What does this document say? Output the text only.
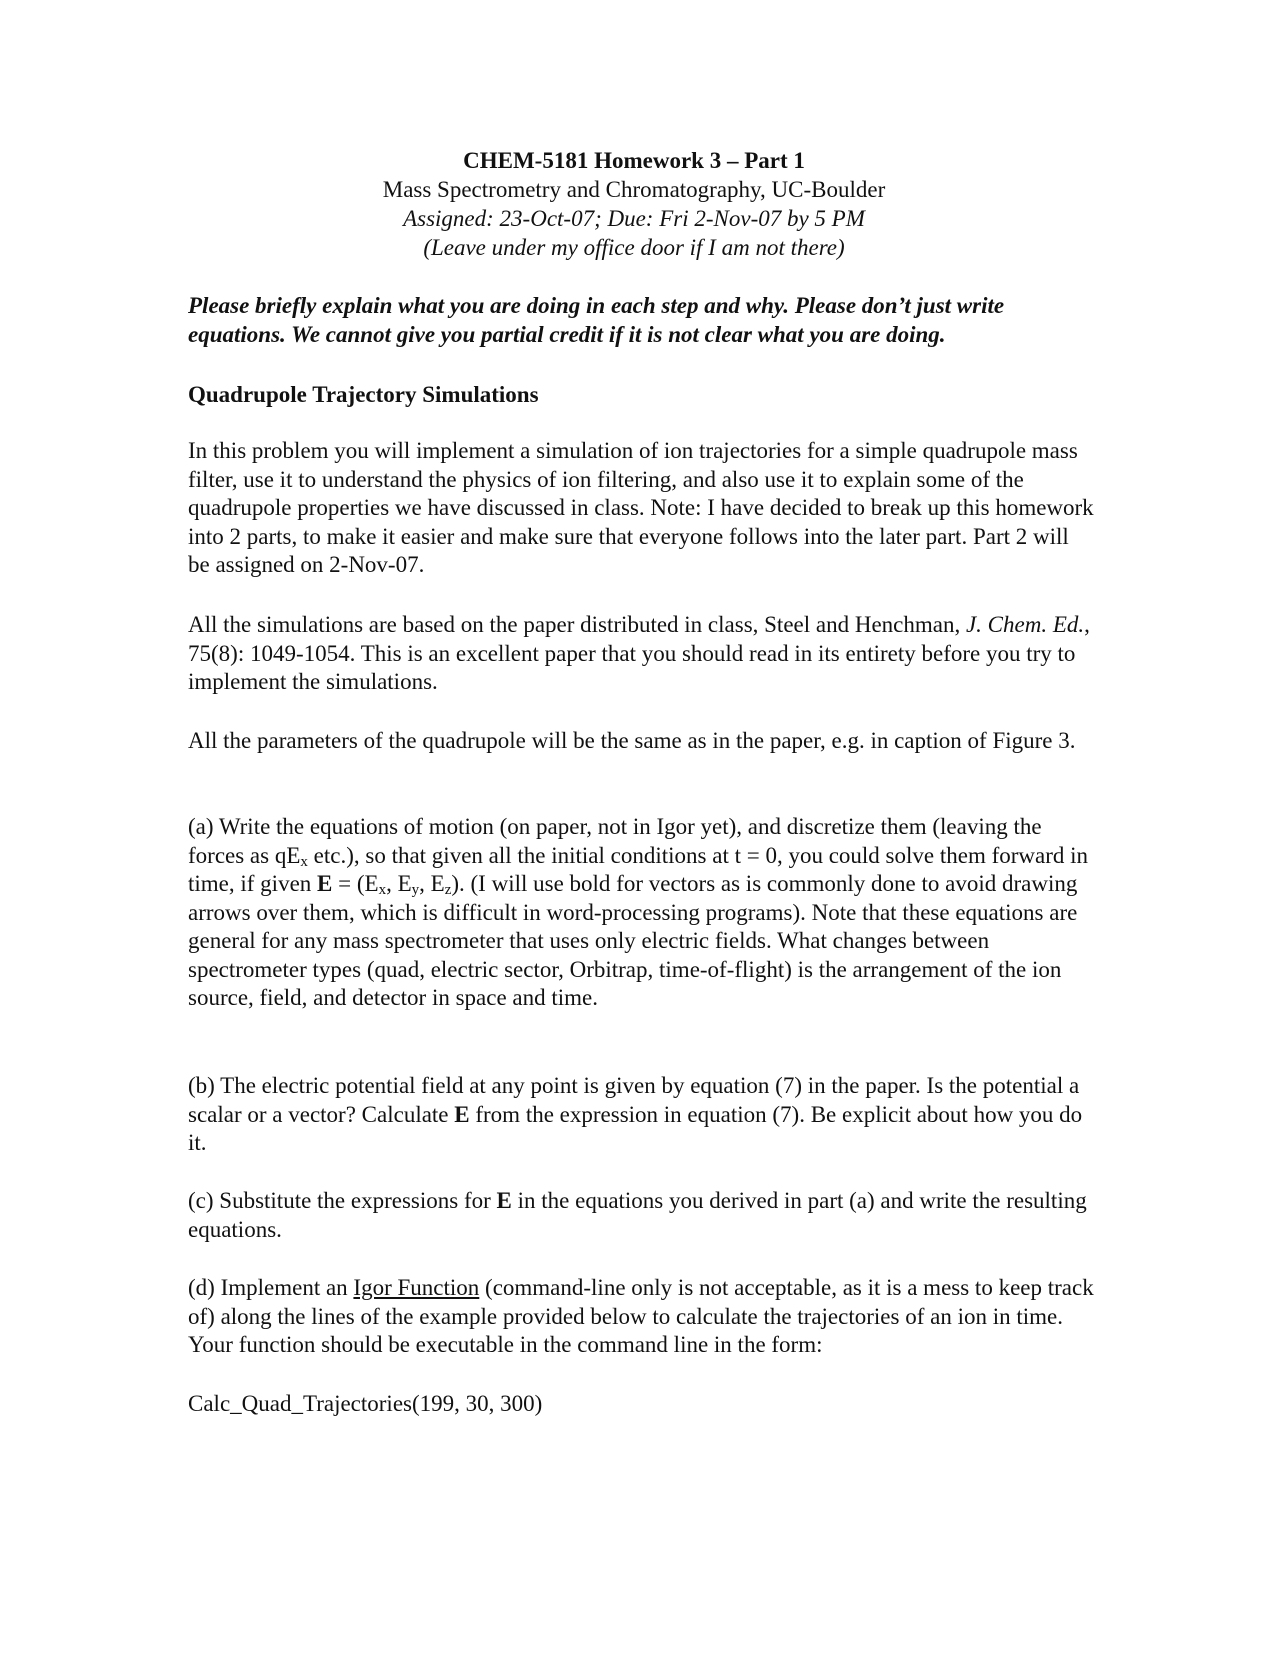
CHEM-5181 Homework 3 – Part 1
Mass Spectrometry and Chromatography, UC-Boulder
Assigned: 23-Oct-07; Due: Fri 2-Nov-07 by 5 PM
(Leave under my office door if I am not there)

Please briefly explain what you are doing in each step and why. Please don’t just write equations. We cannot give you partial credit if it is not clear what you are doing.

Quadrupole Trajectory Simulations

In this problem you will implement a simulation of ion trajectories for a simple quadrupole mass filter, use it to understand the physics of ion filtering, and also use it to explain some of the quadrupole properties we have discussed in class. Note: I have decided to break up this homework into 2 parts, to make it easier and make sure that everyone follows into the later part. Part 2 will be assigned on 2-Nov-07.

All the simulations are based on the paper distributed in class, Steel and Henchman, J. Chem. Ed., 75(8): 1049-1054. This is an excellent paper that you should read in its entirety before you try to implement the simulations.

All the parameters of the quadrupole will be the same as in the paper, e.g. in caption of Figure 3.

(a) Write the equations of motion (on paper, not in Igor yet), and discretize them (leaving the forces as $qE_x$ etc.), so that given all the initial conditions at t = 0, you could solve them forward in time, if given $E = (E_x$, $E_y$, $E_z$). (I will use bold for vectors as is commonly done to avoid drawing arrows over them, which is difficult in word-processing programs). Note that these equations are general for any mass spectrometer that uses only electric fields. What changes between spectrometer types (quad, electric sector, Orbitrap, time-of-flight) is the arrangement of the ion source, field, and detector in space and time.

(b) The electric potential field at any point is given by equation (7) in the paper. Is the potential a scalar or a vector? Calculate E from the expression in equation (7). Be explicit about how you do it.

(c) Substitute the expressions for E in the equations you derived in part (a) and write the resulting equations.

(d) Implement an Igor Function (command-line only is not acceptable, as it is a mess to keep track of) along the lines of the example provided below to calculate the trajectories of an ion in time. Your function should be executable in the command line in the form:

Calc_Quad_Trajectories(199, 30, 300)
